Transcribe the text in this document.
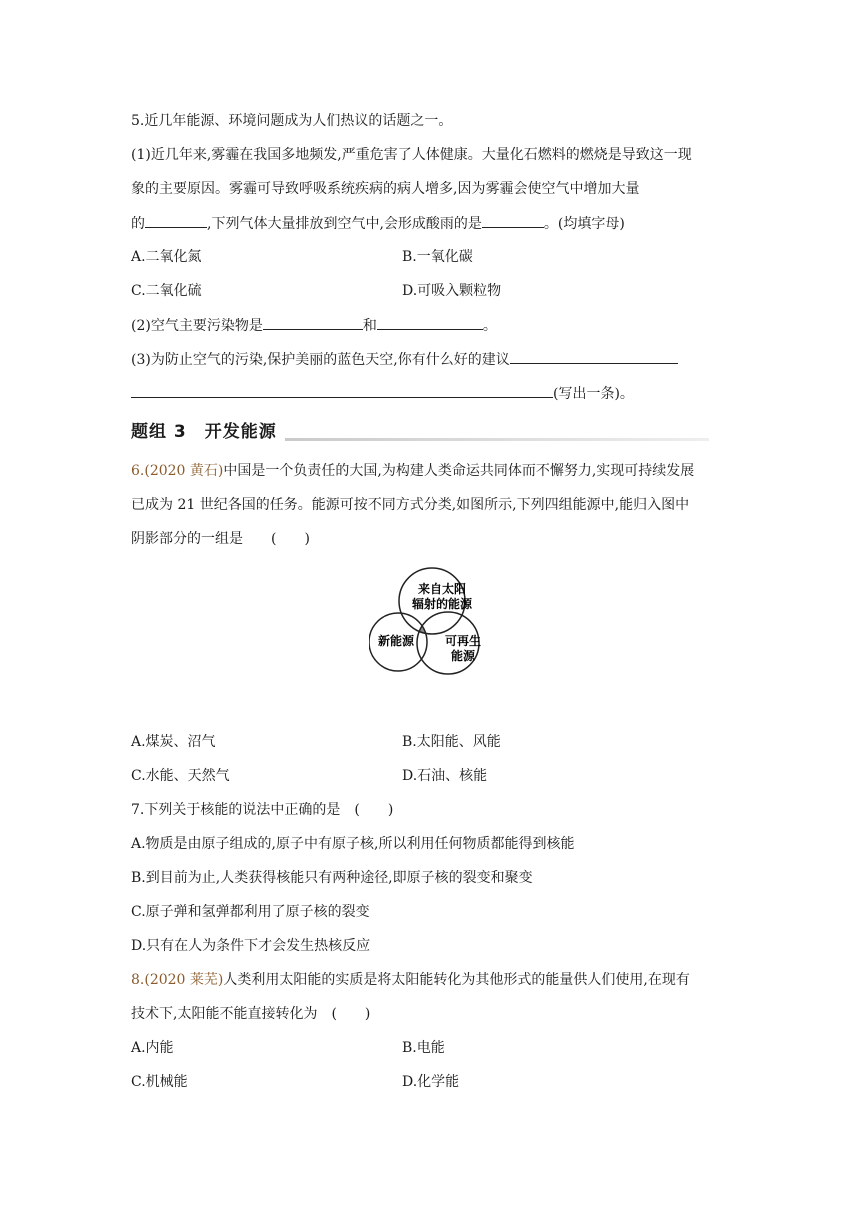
5.近几年能源、环境问题成为人们热议的话题之一。
(1)近几年来,雾霾在我国多地频发,严重危害了人体健康。大量化石燃料的燃烧是导致这一现
象的主要原因。雾霾可导致呼吸系统疾病的病人增多,因为雾霾会使空气中增加大量
的	,下列气体大量排放到空气中,会形成酸雨的是	。(均填字母)
A.二氧化氮	B.一氧化碳
C.二氧化硫	D.可吸入颗粒物
(2)空气主要污染物是	和	。
(3)为防止空气的污染,保护美丽的蓝色天空,你有什么好的建议
(写出一条)。
题组 3　开发能源
6.(2020 黄石)中国是一个负责任的大国,为构建人类命运共同体而不懈努力,实现可持续发展
已成为 21 世纪各国的任务。能源可按不同方式分类,如图所示,下列四组能源中,能归入图中
阴影部分的一组是　　(　　)
来自太阳
辐射的能源
新能源	可再生
能源
A.煤炭、沼气	B.太阳能、风能
C.水能、天然气	D.石油、核能
7.下列关于核能的说法中正确的是　(　　)
A.物质是由原子组成的,原子中有原子核,所以利用任何物质都能得到核能
B.到目前为止,人类获得核能只有两种途径,即原子核的裂变和聚变
C.原子弹和氢弹都利用了原子核的裂变
D.只有在人为条件下才会发生热核反应
8.(2020 莱芜)人类利用太阳能的实质是将太阳能转化为其他形式的能量供人们使用,在现有
技术下,太阳能不能直接转化为　(　　)
A.内能	B.电能
C.机械能	D.化学能
